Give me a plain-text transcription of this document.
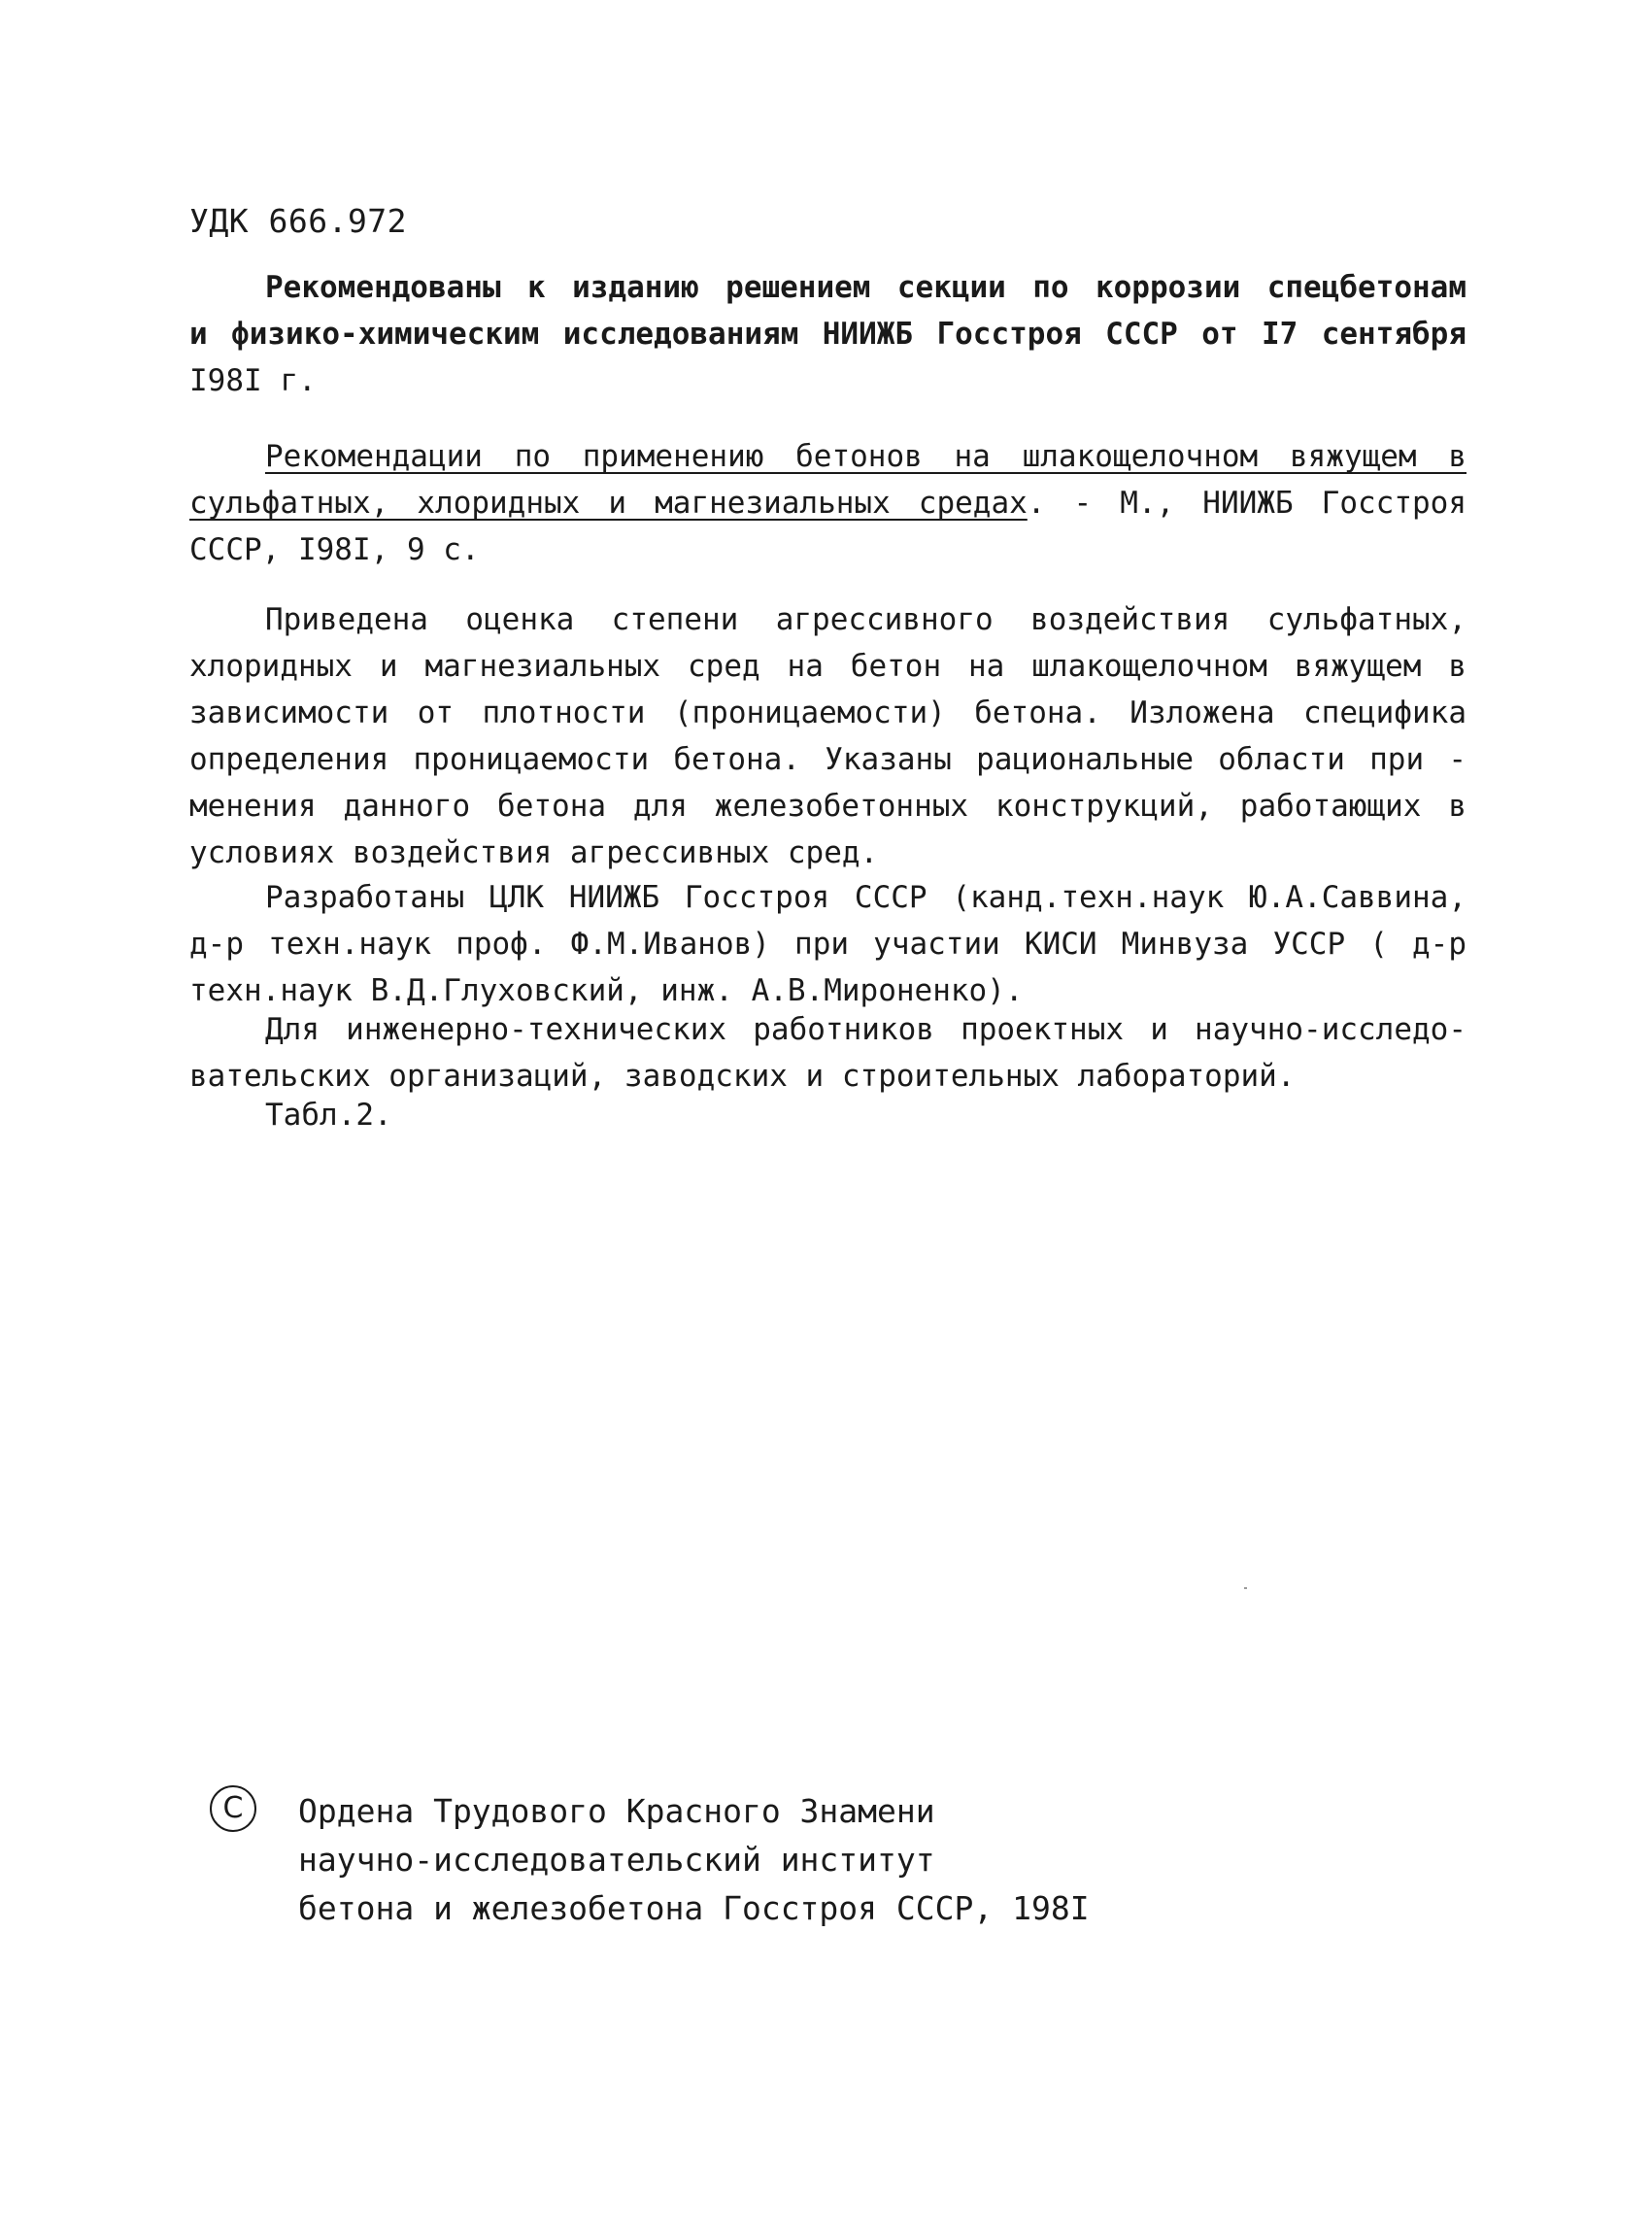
УДК 666.972
Рекомендованы к изданию решением секции по коррозии спецбетонам
и физико-химическим исследованиям НИИЖБ Госстроя СССР от I7 сентября
I98I г.
Рекомендации по применению бетонов на шлакощелочном вяжущем в
сульфатных, хлоридных и магнезиальных средах. - М., НИИЖБ Госстроя
СССР, I98I, 9 с.
Приведена оценка степени агрессивного воздействия сульфатных,
хлоридных и магнезиальных сред на бетон на шлакощелочном вяжущем в
зависимости от плотности (проницаемости) бетона. Изложена специфика
определения проницаемости бетона. Указаны рациональные области при -
менения данного бетона для железобетонных конструкций, работающих в
условиях воздействия агрессивных сред.
Разработаны ЦЛК НИИЖБ Госстроя СССР (канд.техн.наук Ю.А.Саввина,
д-р техн.наук проф. Ф.М.Иванов) при участии КИСИ Минвуза УССР ( д-р
техн.наук В.Д.Глуховский, инж. А.В.Мироненко).
Для инженерно-технических работников проектных и научно-исследо-
вательских организаций, заводских и строительных лабораторий.
Табл.2.
C	Ордена Трудового Красного Знамени
научно-исследовательский институт
бетона и железобетона Госстроя СССР, 198I
